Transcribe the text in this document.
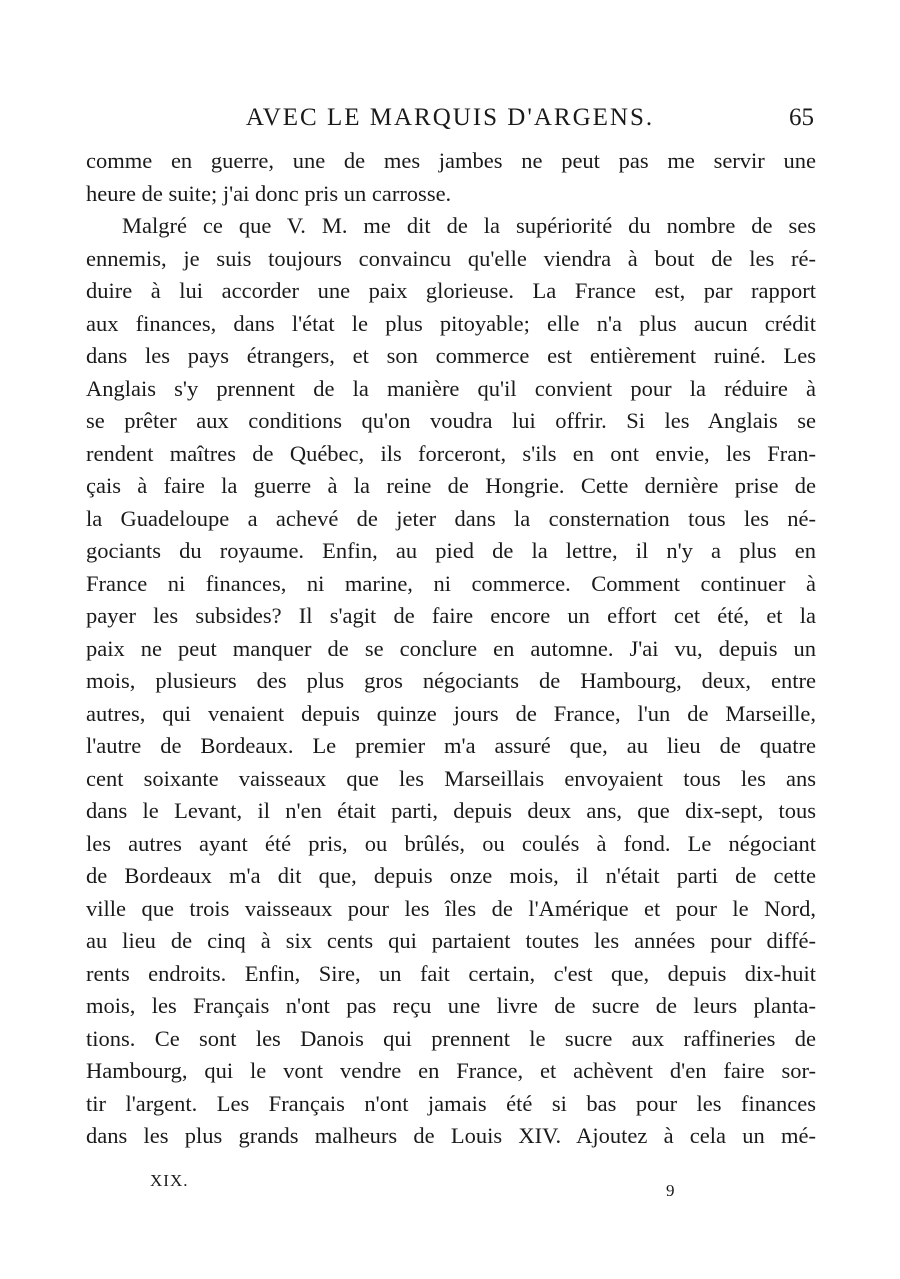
AVEC LE MARQUIS D'ARGENS.	65
comme en guerre, une de mes jambes ne peut pas me servir une
heure de suite; j'ai donc pris un carrosse.
Malgré ce que V. M. me dit de la supériorité du nombre de ses
ennemis, je suis toujours convaincu qu'elle viendra à bout de les ré-
duire à lui accorder une paix glorieuse. La France est, par rapport
aux finances, dans l'état le plus pitoyable; elle n'a plus aucun crédit
dans les pays étrangers, et son commerce est entièrement ruiné. Les
Anglais s'y prennent de la manière qu'il convient pour la réduire à
se prêter aux conditions qu'on voudra lui offrir. Si les Anglais se
rendent maîtres de Québec, ils forceront, s'ils en ont envie, les Fran-
çais à faire la guerre à la reine de Hongrie. Cette dernière prise de
la Guadeloupe a achevé de jeter dans la consternation tous les né-
gociants du royaume. Enfin, au pied de la lettre, il n'y a plus en
France ni finances, ni marine, ni commerce. Comment continuer à
payer les subsides? Il s'agit de faire encore un effort cet été, et la
paix ne peut manquer de se conclure en automne. J'ai vu, depuis un
mois, plusieurs des plus gros négociants de Hambourg, deux, entre
autres, qui venaient depuis quinze jours de France, l'un de Marseille,
l'autre de Bordeaux. Le premier m'a assuré que, au lieu de quatre
cent soixante vaisseaux que les Marseillais envoyaient tous les ans
dans le Levant, il n'en était parti, depuis deux ans, que dix-sept, tous
les autres ayant été pris, ou brûlés, ou coulés à fond. Le négociant
de Bordeaux m'a dit que, depuis onze mois, il n'était parti de cette
ville que trois vaisseaux pour les îles de l'Amérique et pour le Nord,
au lieu de cinq à six cents qui partaient toutes les années pour diffé-
rents endroits. Enfin, Sire, un fait certain, c'est que, depuis dix-huit
mois, les Français n'ont pas reçu une livre de sucre de leurs planta-
tions. Ce sont les Danois qui prennent le sucre aux raffineries de
Hambourg, qui le vont vendre en France, et achèvent d'en faire sor-
tir l'argent. Les Français n'ont jamais été si bas pour les finances
dans les plus grands malheurs de Louis XIV. Ajoutez à cela un mé-
XIX.
9
